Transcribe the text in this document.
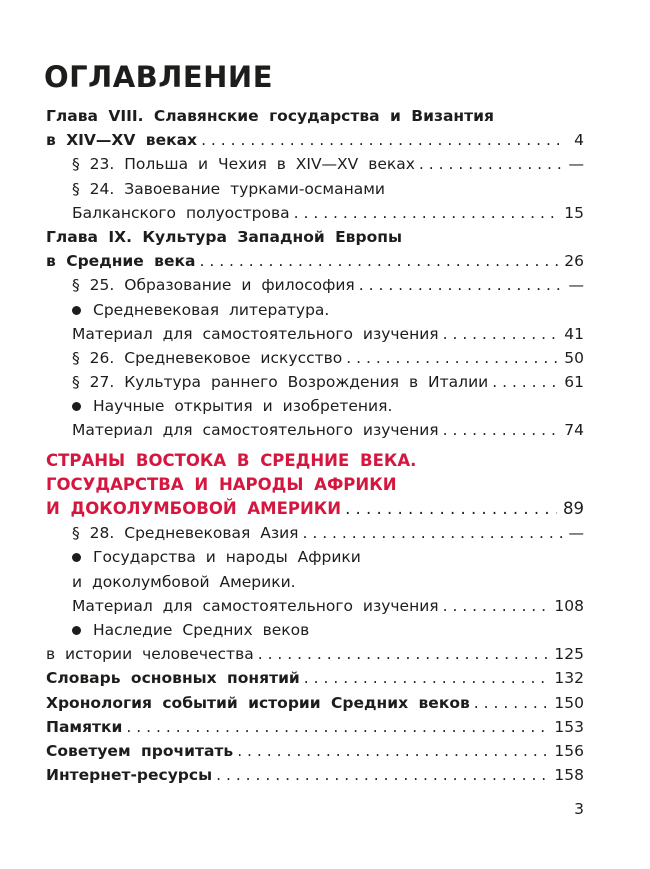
ОГЛАВЛЕНИЕ
Глава VIII. Славянские государства и Византия
в XIV—XV веках . . .	4
§ 23. Польша и Чехия в XIV—XV веках . . .	—
§ 24. Завоевание турками-османами
Балканского полуострова . . .	15
Глава IX. Культура Западной Европы
в Средние века . . .	26
§ 25. Образование и философия . . .	—
Средневековая литература.
Материал для самостоятельного изучения . . .	41
§ 26. Средневековое искусство . . .	50
§ 27. Культура раннего Возрождения в Италии . . .	61
Научные открытия и изобретения.
Материал для самостоятельного изучения . . .	74
СТРАНЫ ВОСТОКА В СРЕДНИЕ ВЕКА.
ГОСУДАРСТВА И НАРОДЫ АФРИКИ
И ДОКОЛУМБОВОЙ АМЕРИКИ . . .	89
§ 28. Средневековая Азия . . .	—
Государства и народы Африки
и доколумбовой Америки.
Материал для самостоятельного изучения . . .	108
Наследие Средних веков
в истории человечества . . .	125
Словарь основных понятий . . .	132
Хронология событий истории Средних веков . . .	150
Памятки . . .	153
Советуем прочитать . . .	156
Интернет-ресурсы . . .	158
3
